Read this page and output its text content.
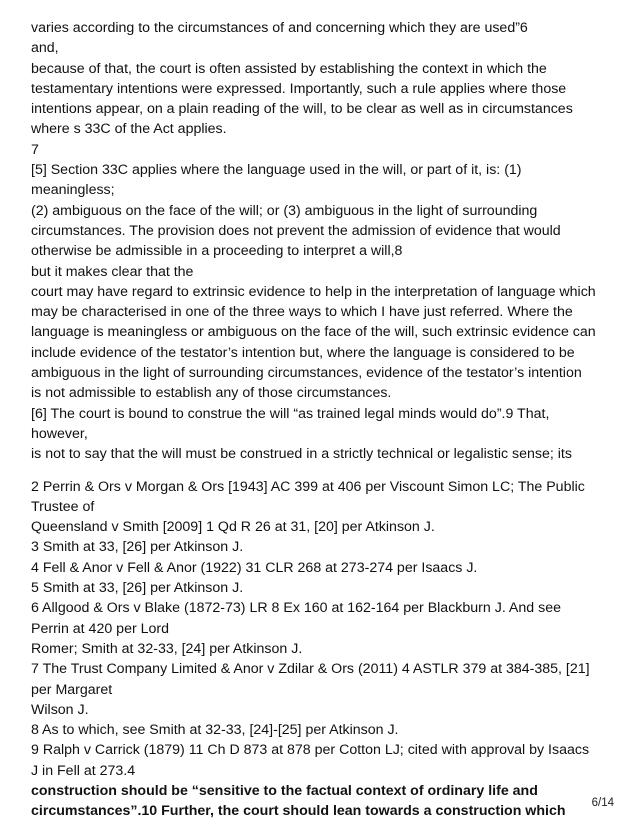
varies according to the circumstances of and concerning which they are used”6
and,
because of that, the court is often assisted by establishing the context in which the
testamentary intentions were expressed. Importantly, such a rule applies where those
intentions appear, on a plain reading of the will, to be clear as well as in circumstances
where s 33C of the Act applies.
7
[5] Section 33C applies where the language used in the will, or part of it, is: (1)
meaningless;
(2) ambiguous on the face of the will; or (3) ambiguous in the light of surrounding
circumstances. The provision does not prevent the admission of evidence that would
otherwise be admissible in a proceeding to interpret a will,8
but it makes clear that the
court may have regard to extrinsic evidence to help in the interpretation of language which
may be characterised in one of the three ways to which I have just referred. Where the
language is meaningless or ambiguous on the face of the will, such extrinsic evidence can
include evidence of the testator’s intention but, where the language is considered to be
ambiguous in the light of surrounding circumstances, evidence of the testator’s intention
is not admissible to establish any of those circumstances.
[6] The court is bound to construe the will “as trained legal minds would do”.9 That,
however,
is not to say that the will must be construed in a strictly technical or legalistic sense; its
2 Perrin & Ors v Morgan & Ors [1943] AC 399 at 406 per Viscount Simon LC; The Public
Trustee of
Queensland v Smith [2009] 1 Qd R 26 at 31, [20] per Atkinson J.
3 Smith at 33, [26] per Atkinson J.
4 Fell & Anor v Fell & Anor (1922) 31 CLR 268 at 273-274 per Isaacs J.
5 Smith at 33, [26] per Atkinson J.
6 Allgood & Ors v Blake (1872-73) LR 8 Ex 160 at 162-164 per Blackburn J. And see
Perrin at 420 per Lord
Romer; Smith at 32-33, [24] per Atkinson J.
7 The Trust Company Limited & Anor v Zdilar & Ors (2011) 4 ASTLR 379 at 384-385, [21]
per Margaret
Wilson J.
8 As to which, see Smith at 32-33, [24]-[25] per Atkinson J.
9 Ralph v Carrick (1879) 11 Ch D 873 at 878 per Cotton LJ; cited with approval by Isaacs
J in Fell at 273.4
construction should be “sensitive to the factual context of ordinary life and
circumstances”.10 Further, the court should lean towards a construction which
6/14
